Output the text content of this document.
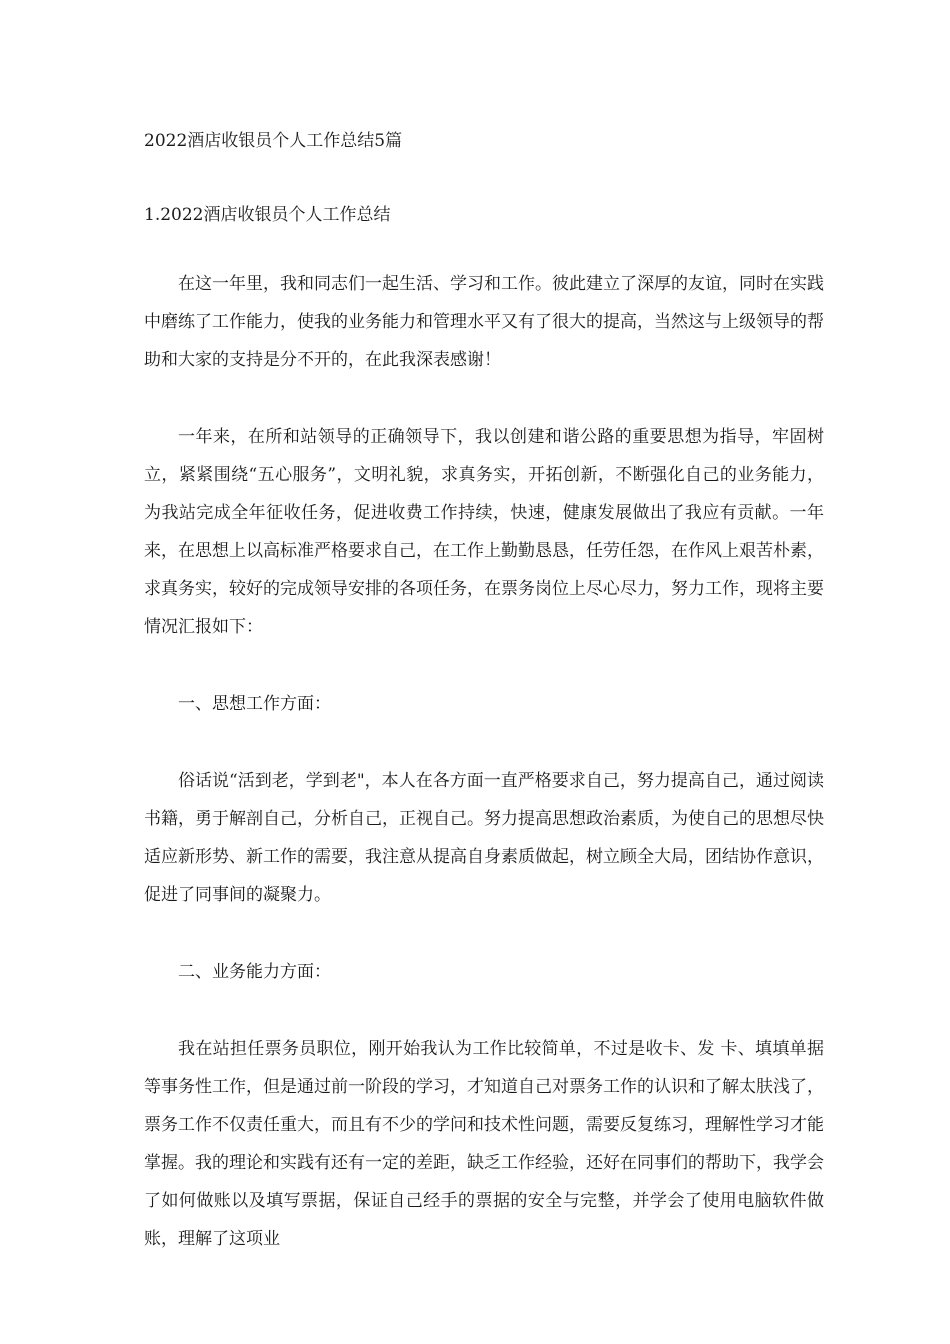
2022酒店收银员个人工作总结5篇
1.2022酒店收银员个人工作总结

在这一年里，我和同志们一起生活、学习和工作。彼此建立了深厚的友谊，同时在实践中磨练了工作能力，使我的业务能力和管理水平又有了很大的提高，当然这与上级领导的帮助和大家的支持是分不开的，在此我深表感谢！

一年来，在所和站领导的正确领导下，我以创建和谐公路的重要思想为指导，牢固树立，紧紧围绕“五心服务”，文明礼貌，求真务实，开拓创新，不断强化自己的业务能力，为我站完成全年征收任务，促进收费工作持续，快速，健康发展做出了我应有贡献。一年来，在思想上以高标准严格要求自己，在工作上勤勤恳恳，任劳任怨，在作风上艰苦朴素，求真务实，较好的完成领导安排的各项任务，在票务岗位上尽心尽力，努力工作，现将主要情况汇报如下：

一、思想工作方面：

俗话说“活到老，学到老"，本人在各方面一直严格要求自己，努力提高自己，通过阅读书籍，勇于解剖自己，分析自己，正视自己。努力提高思想政治素质，为使自己的思想尽快适应新形势、新工作的需要，我注意从提高自身素质做起，树立顾全大局，团结协作意识，促进了同事间的凝聚力。

二、业务能力方面：

我在站担任票务员职位，刚开始我认为工作比较简单，不过是收卡、发 卡、填填单据等事务性工作，但是通过前一阶段的学习，才知道自己对票务工作的认识和了解太肤浅了，票务工作不仅责任重大，而且有不少的学问和技术性问题，需要反复练习，理解性学习才能掌握。我的理论和实践有还有一定的差距，缺乏工作经验，还好在同事们的帮助下，我学会了如何做账以及填写票据，保证自己经手的票据的安全与完整，并学会了使用电脑软件做账，理解了这项业
